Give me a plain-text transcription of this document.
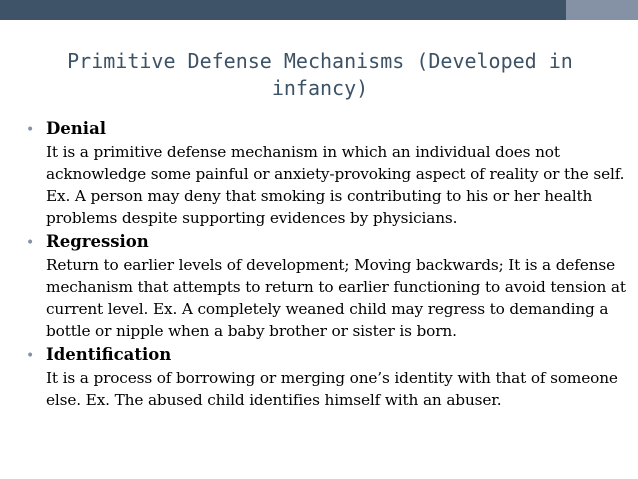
Primitive Defense Mechanisms (Developed in infancy)
• Denial

It is a primitive defense mechanism in which an individual does not acknowledge some painful or anxiety-provoking aspect of reality or the self. Ex. A person may deny that smoking is contributing to his or her health problems despite supporting evidences by physicians.

• Regression

Return to earlier levels of development; Moving backwards; It is a defense mechanism that attempts to return to earlier functioning to avoid tension at current level. Ex. A completely weaned child may regress to demanding a bottle or nipple when a baby brother or sister is born.

• Identification

It is a process of borrowing or merging one’s identity with that of someone else. Ex. The abused child identifies himself with an abuser.
